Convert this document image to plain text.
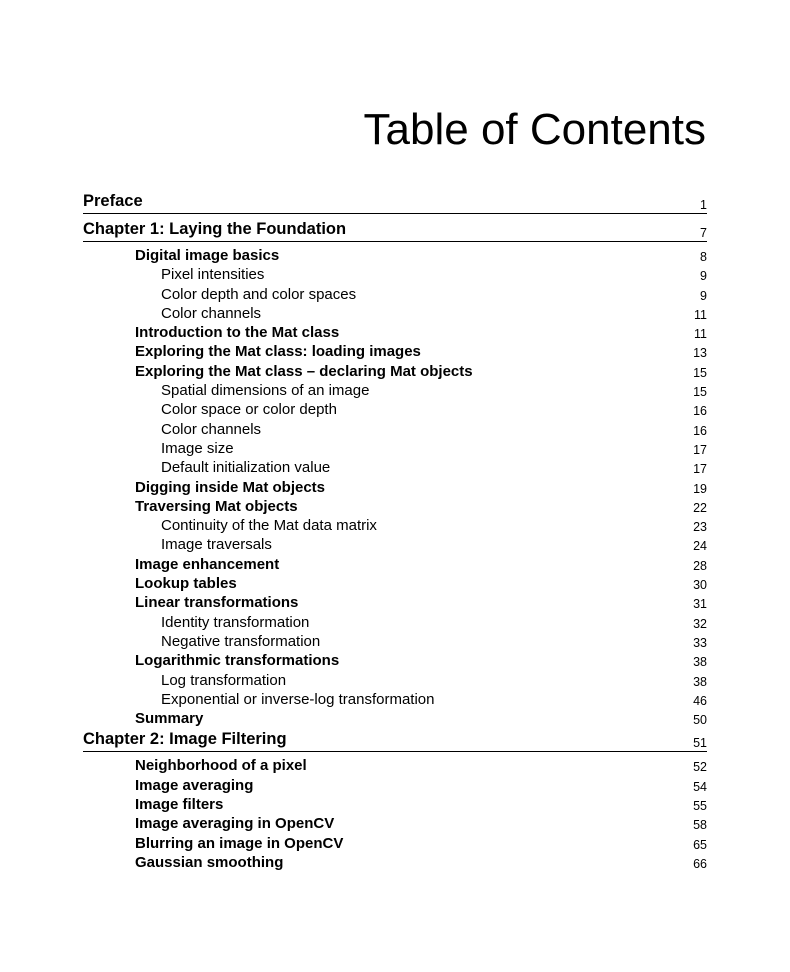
Table of Contents
Preface	1
Chapter 1: Laying the Foundation	7
Digital image basics	8
Pixel intensities	9
Color depth and color spaces	9
Color channels	11
Introduction to the Mat class	11
Exploring the Mat class: loading images	13
Exploring the Mat class – declaring Mat objects	15
Spatial dimensions of an image	15
Color space or color depth	16
Color channels	16
Image size	17
Default initialization value	17
Digging inside Mat objects	19
Traversing Mat objects	22
Continuity of the Mat data matrix	23
Image traversals	24
Image enhancement	28
Lookup tables	30
Linear transformations	31
Identity transformation	32
Negative transformation	33
Logarithmic transformations	38
Log transformation	38
Exponential or inverse-log transformation	46
Summary	50
Chapter 2: Image Filtering	51
Neighborhood of a pixel	52
Image averaging	54
Image filters	55
Image averaging in OpenCV	58
Blurring an image in OpenCV	65
Gaussian smoothing	66
